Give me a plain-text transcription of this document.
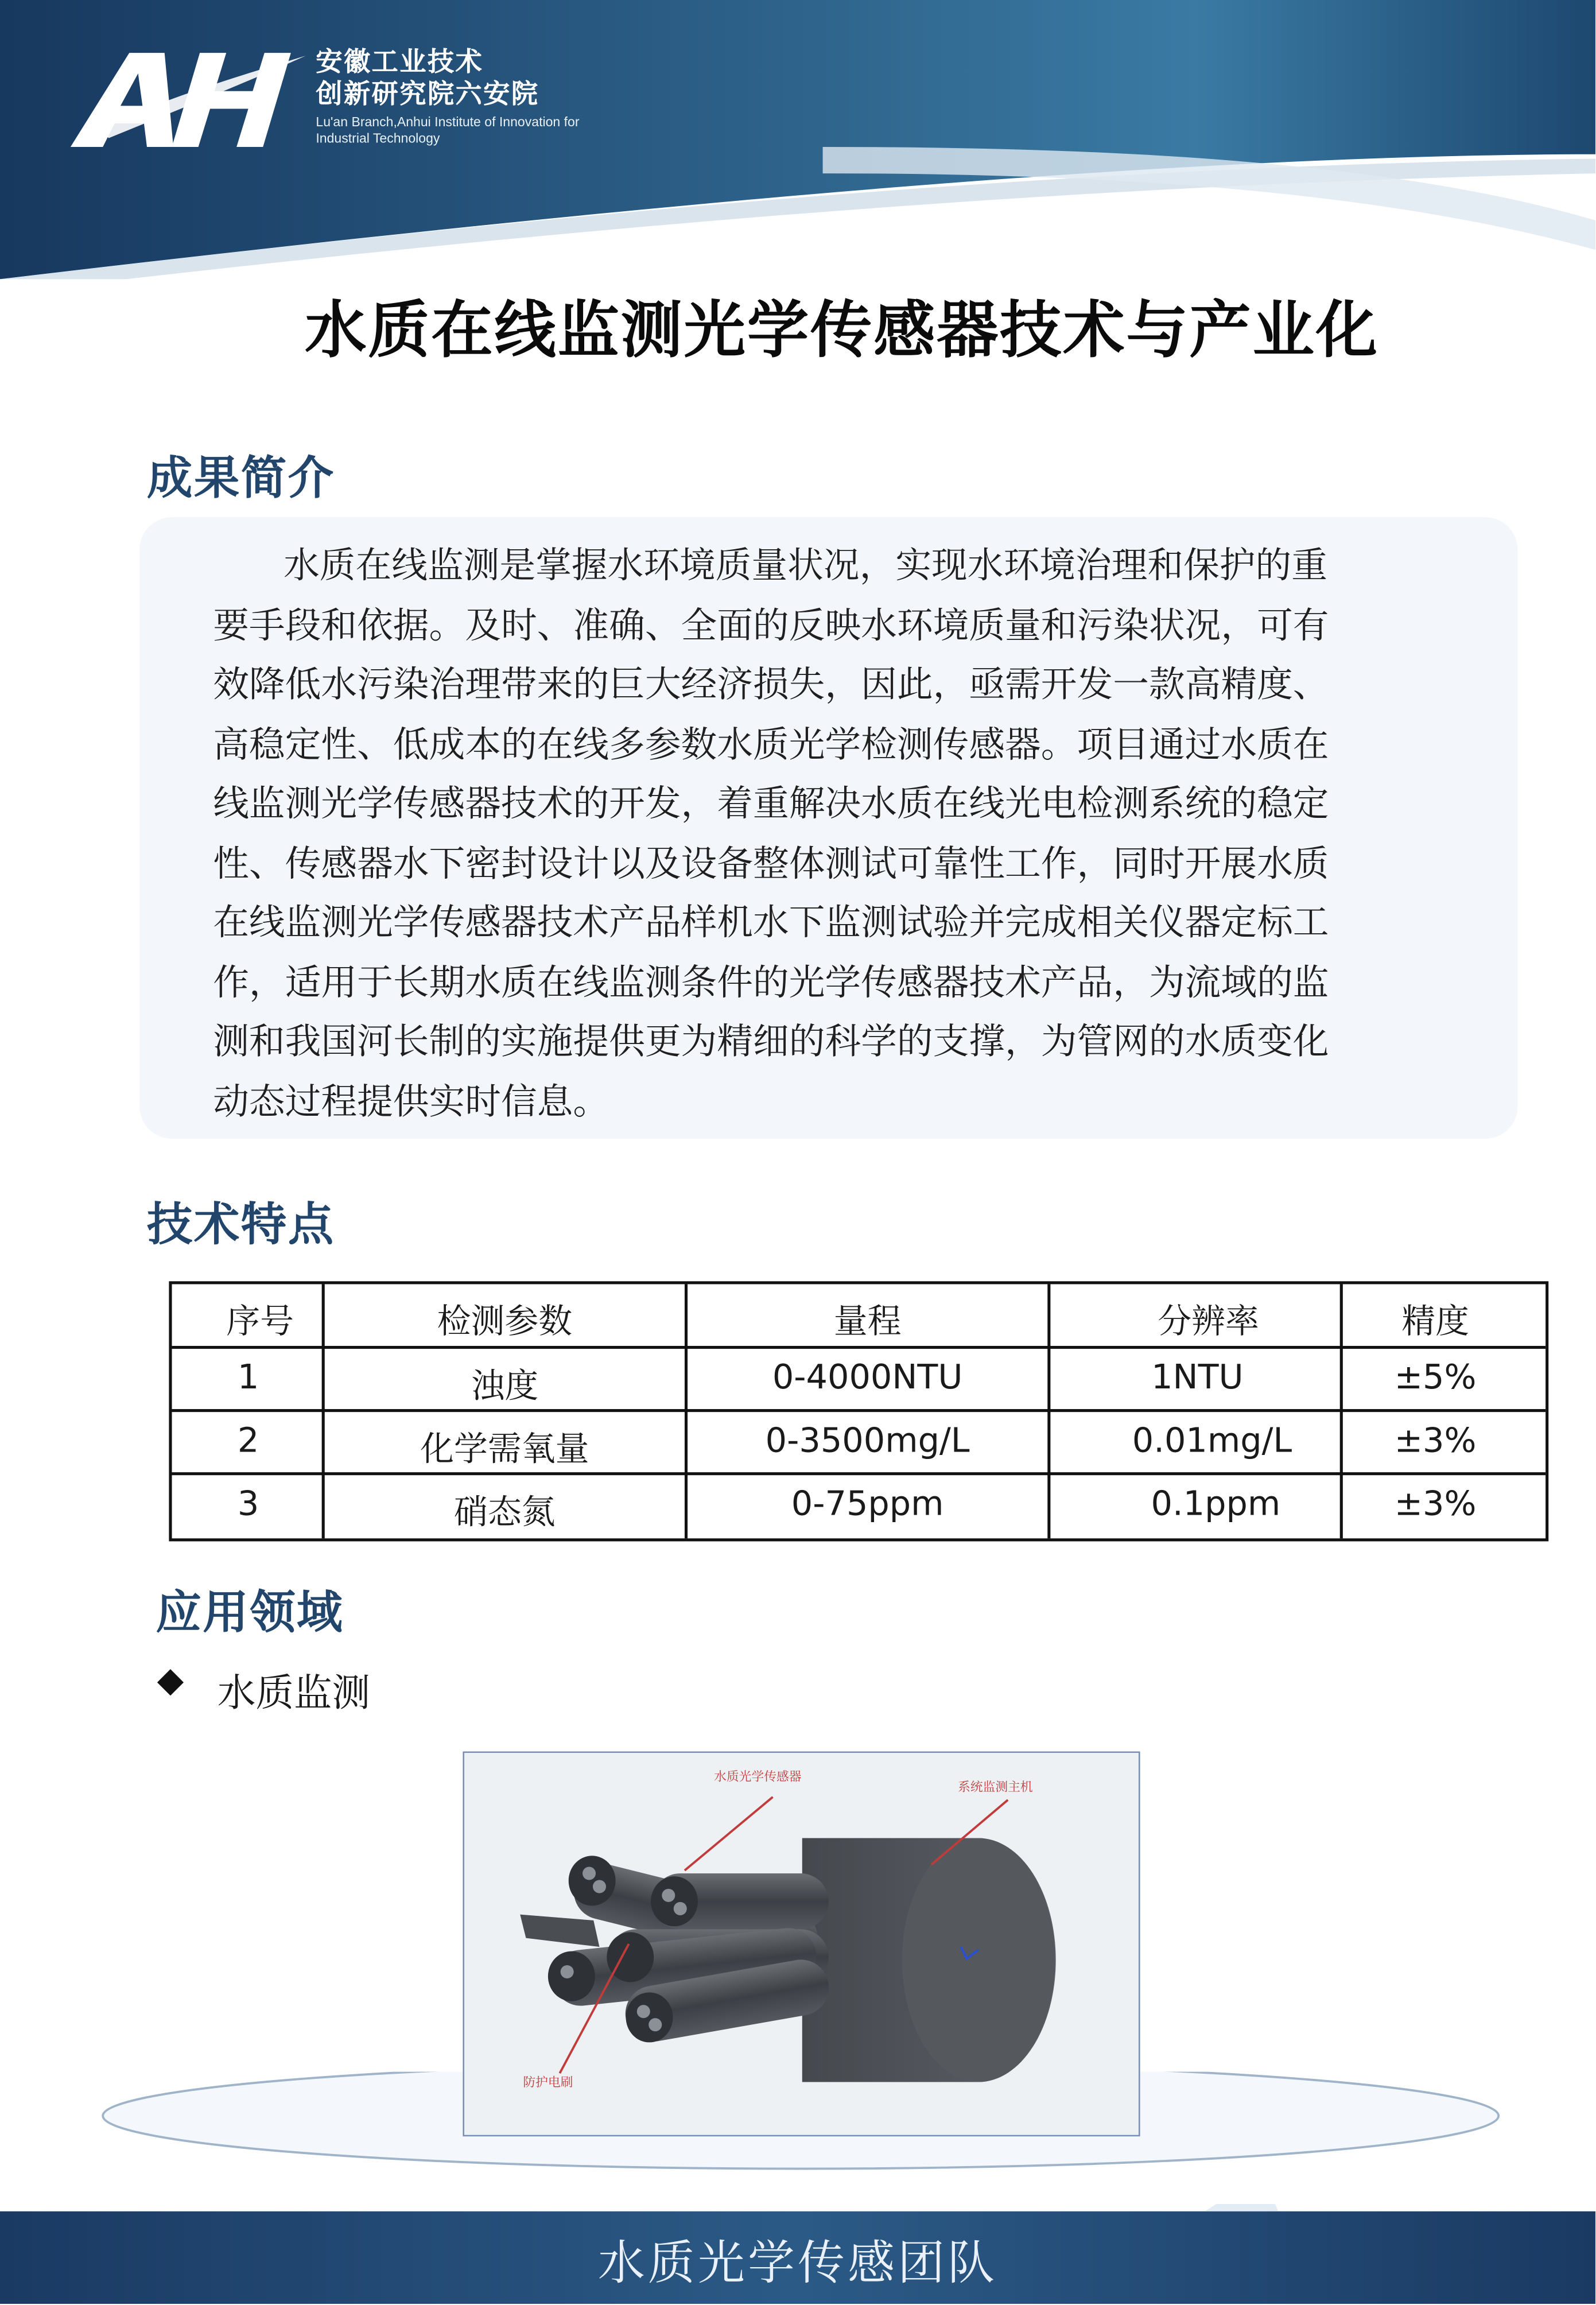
安徽工业技术
创新研究院六安院
Lu'an Branch,Anhui Institute of Innovation for
Industrial Technology
水质在线监测光学传感器技术与产业化
成果简介
水质在线监测是掌握水环境质量状况，实现水环境治理和保护的重
要手段和依据。及时、准确、全面的反映水环境质量和污染状况，可有
效降低水污染治理带来的巨大经济损失，因此，亟需开发一款高精度、
高稳定性、低成本的在线多参数水质光学检测传感器。项目通过水质在
线监测光学传感器技术的开发，着重解决水质在线光电检测系统的稳定
性、传感器水下密封设计以及设备整体测试可靠性工作，同时开展水质
在线监测光学传感器技术产品样机水下监测试验并完成相关仪器定标工
作，适用于长期水质在线监测条件的光学传感器技术产品，为流域的监
测和我国河长制的实施提供更为精细的科学的支撑，为管网的水质变化
动态过程提供实时信息。
技术特点
序号	检测参数	量程	分辨率	精度
1	浊度	0-4000NTU	1NTU	±5%
2	化学需氧量	0-3500mg/L	0.01mg/L	±3%
3	硝态氮	0-75ppm	0.1ppm	±3%
应用领域
水质监测
水质光学传感器
系统监测主机
防护电刷
水质光学传感团队
